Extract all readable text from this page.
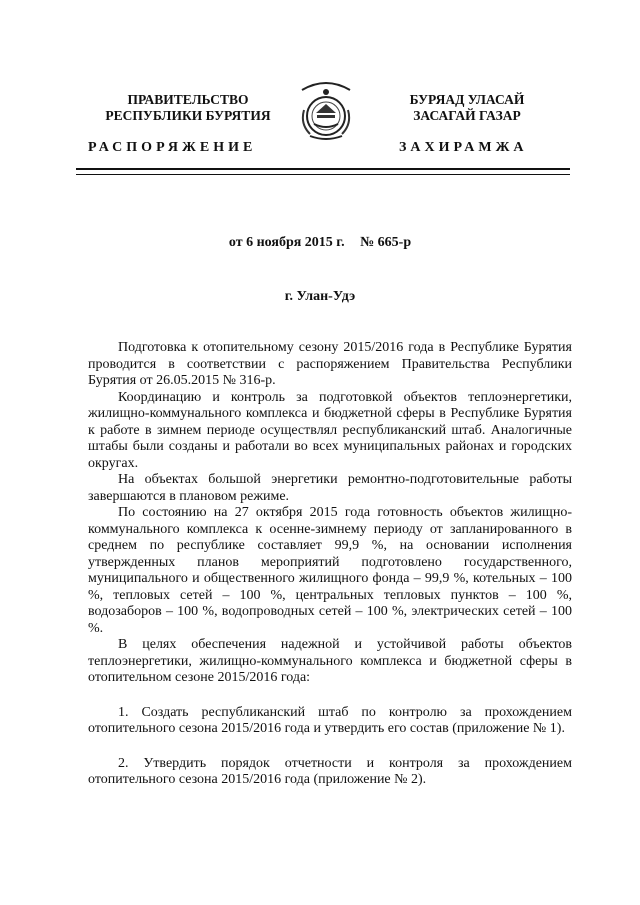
ПРАВИТЕЛЬСТВО
РЕСПУБЛИКИ БУРЯТИЯ
БУРЯАД УЛАСАЙ
ЗАСАГАЙ ГАЗАР
РАСПОРЯЖЕНИЕ	ЗАХИРАМЖА
от 6 ноября 2015 г. № 665-р
г. Улан-Удэ

Подготовка к отопительному сезону 2015/2016 года в Республике Бурятия проводится в соответствии с распоряжением Правительства Республики Бурятия от 26.05.2015 № 316-р.

Координацию и контроль за подготовкой объектов теплоэнергетики, жилищно-коммунального комплекса и бюджетной сферы в Республике Бурятия к работе в зимнем периоде осуществлял республиканский штаб. Аналогичные штабы были созданы и работали во всех муниципальных районах и городских округах.

На объектах большой энергетики ремонтно-подготовительные работы завершаются в плановом режиме.

По состоянию на 27 октября 2015 года готовность объектов жилищно-коммунального комплекса к осенне-зимнему периоду от запланированного в среднем по республике составляет 99,9 %, на основании исполнения утвержденных планов мероприятий подготовлено государственного, муниципального и общественного жилищного фонда – 99,9 %, котельных – 100 %, тепловых сетей – 100 %, центральных тепловых пунктов – 100 %, водозаборов – 100 %, водопроводных сетей – 100 %, электрических сетей – 100 %.

В целях обеспечения надежной и устойчивой работы объектов теплоэнергетики, жилищно-коммунального комплекса и бюджетной сферы в отопительном сезоне 2015/2016 года:

1. Создать республиканский штаб по контролю за прохождением отопительного сезона 2015/2016 года и утвердить его состав (приложение № 1).

2. Утвердить порядок отчетности и контроля за прохождением отопительного сезона 2015/2016 года (приложение № 2).
